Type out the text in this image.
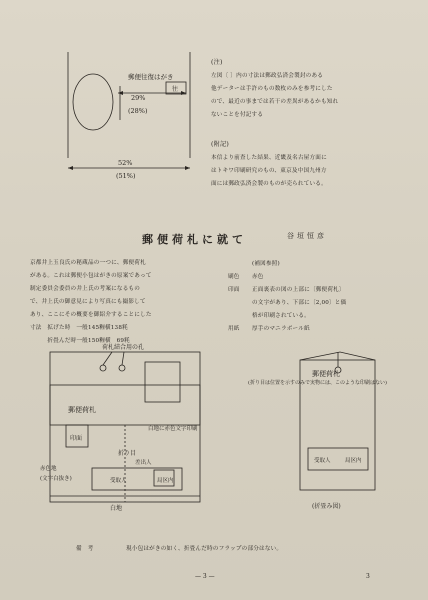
郵便往復はがき
往
29%
(28%)
52%
(51%)
(注)
左図〔 〕内の寸法は郵政弘済会製封のある
他データーは手許のもの数枚のみを参考にした
ので、最近の事までは若干の差異があるかも知れ
ないことを付記する
(附記)
本信より前査した結果、近畿及名古屋方面に
はトキワ印刷研究のもの、東京及中国九州方
面には郵政弘済会製のものが売られている。
郵便荷札に就て	谷垣恒彦
京都井上玉良氏の秘蔵品の一つに、郵便荷札
がある。これは郵便小包はがきの原案であって
制定委員会委員の井上氏の考案になるもの
で、井上氏の御意見により写真にも撮影して
あり、ここにその概要を御紹介することにした
寸法　拡げた時　一般145糎横138粍
　　　折畳んだ時一般150糎横　69粍
(補図参照)
刷色 赤色
印面 正面裏表の図の上部に〔郵便荷札〕
の文字があり、下部に〔2,00〕と価
格が印刷されている。
用紙 厚手のマニラボール紙
荷札結合用の孔
郵便荷札
印面
赤色地
(文字白抜き)
折り目
白地に赤色文字印刷
差出人
受取人	局区内
白地
郵便荷札
(折り目は位置を示すのみで実物には、このような印刷はない)
受取人	局区内
(折畳み図)
備　考	現小包はがきの如く、折畳んだ時のフラップの部分はない。
— 3 —	3
